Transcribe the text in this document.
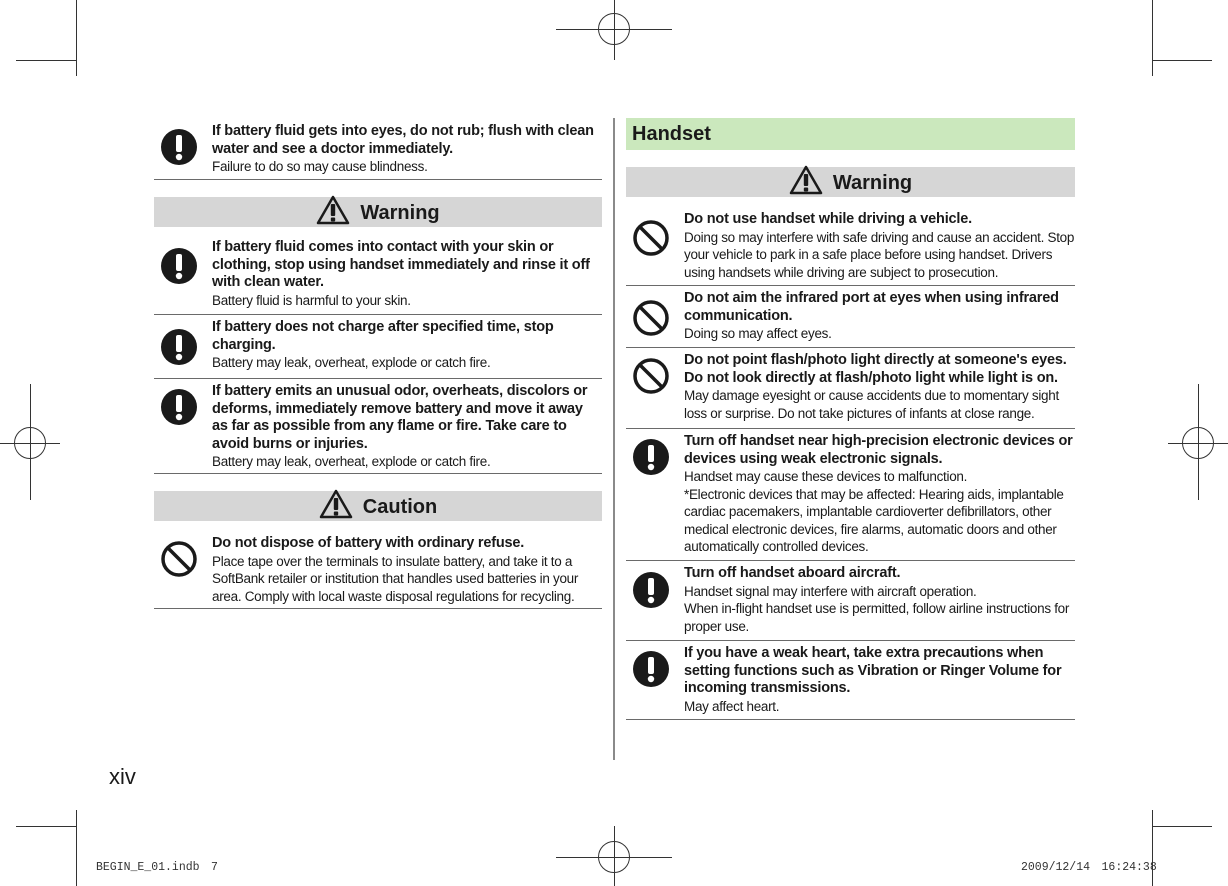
If battery fluid gets into eyes, do not rub; flush with clean water and see a doctor immediately.
Failure to do so may cause blindness.
Warning
If battery fluid comes into contact with your skin or clothing, stop using handset immediately and rinse it off with clean water.
Battery fluid is harmful to your skin.
If battery does not charge after specified time, stop charging.
Battery may leak, overheat, explode or catch fire.
If battery emits an unusual odor, overheats, discolors or deforms, immediately remove battery and move it away as far as possible from any flame or fire. Take care to avoid burns or injuries.
Battery may leak, overheat, explode or catch fire.
Caution
Do not dispose of battery with ordinary refuse.
Place tape over the terminals to insulate battery, and take it to a SoftBank retailer or institution that handles used batteries in your area. Comply with local waste disposal regulations for recycling.
Handset
Warning
Do not use handset while driving a vehicle.
Doing so may interfere with safe driving and cause an accident. Stop your vehicle to park in a safe place before using handset. Drivers using handsets while driving are subject to prosecution.
Do not aim the infrared port at eyes when using infrared communication.
Doing so may affect eyes.
Do not point flash/photo light directly at someone's eyes. Do not look directly at flash/photo light while light is on.
May damage eyesight or cause accidents due to momentary sight loss or surprise. Do not take pictures of infants at close range.
Turn off handset near high-precision electronic devices or devices using weak electronic signals.
Handset may cause these devices to malfunction.
*Electronic devices that may be affected: Hearing aids, implantable cardiac pacemakers, implantable cardioverter defibrillators, other medical electronic devices, fire alarms, automatic doors and other automatically controlled devices.
Turn off handset aboard aircraft.
Handset signal may interfere with aircraft operation.
When in-flight handset use is permitted, follow airline instructions for proper use.
If you have a weak heart, take extra precautions when setting functions such as Vibration or Ringer Volume for incoming transmissions.
May affect heart.
xiv
BEGIN_E_01.indb　7	2009/12/14　16:24:38
